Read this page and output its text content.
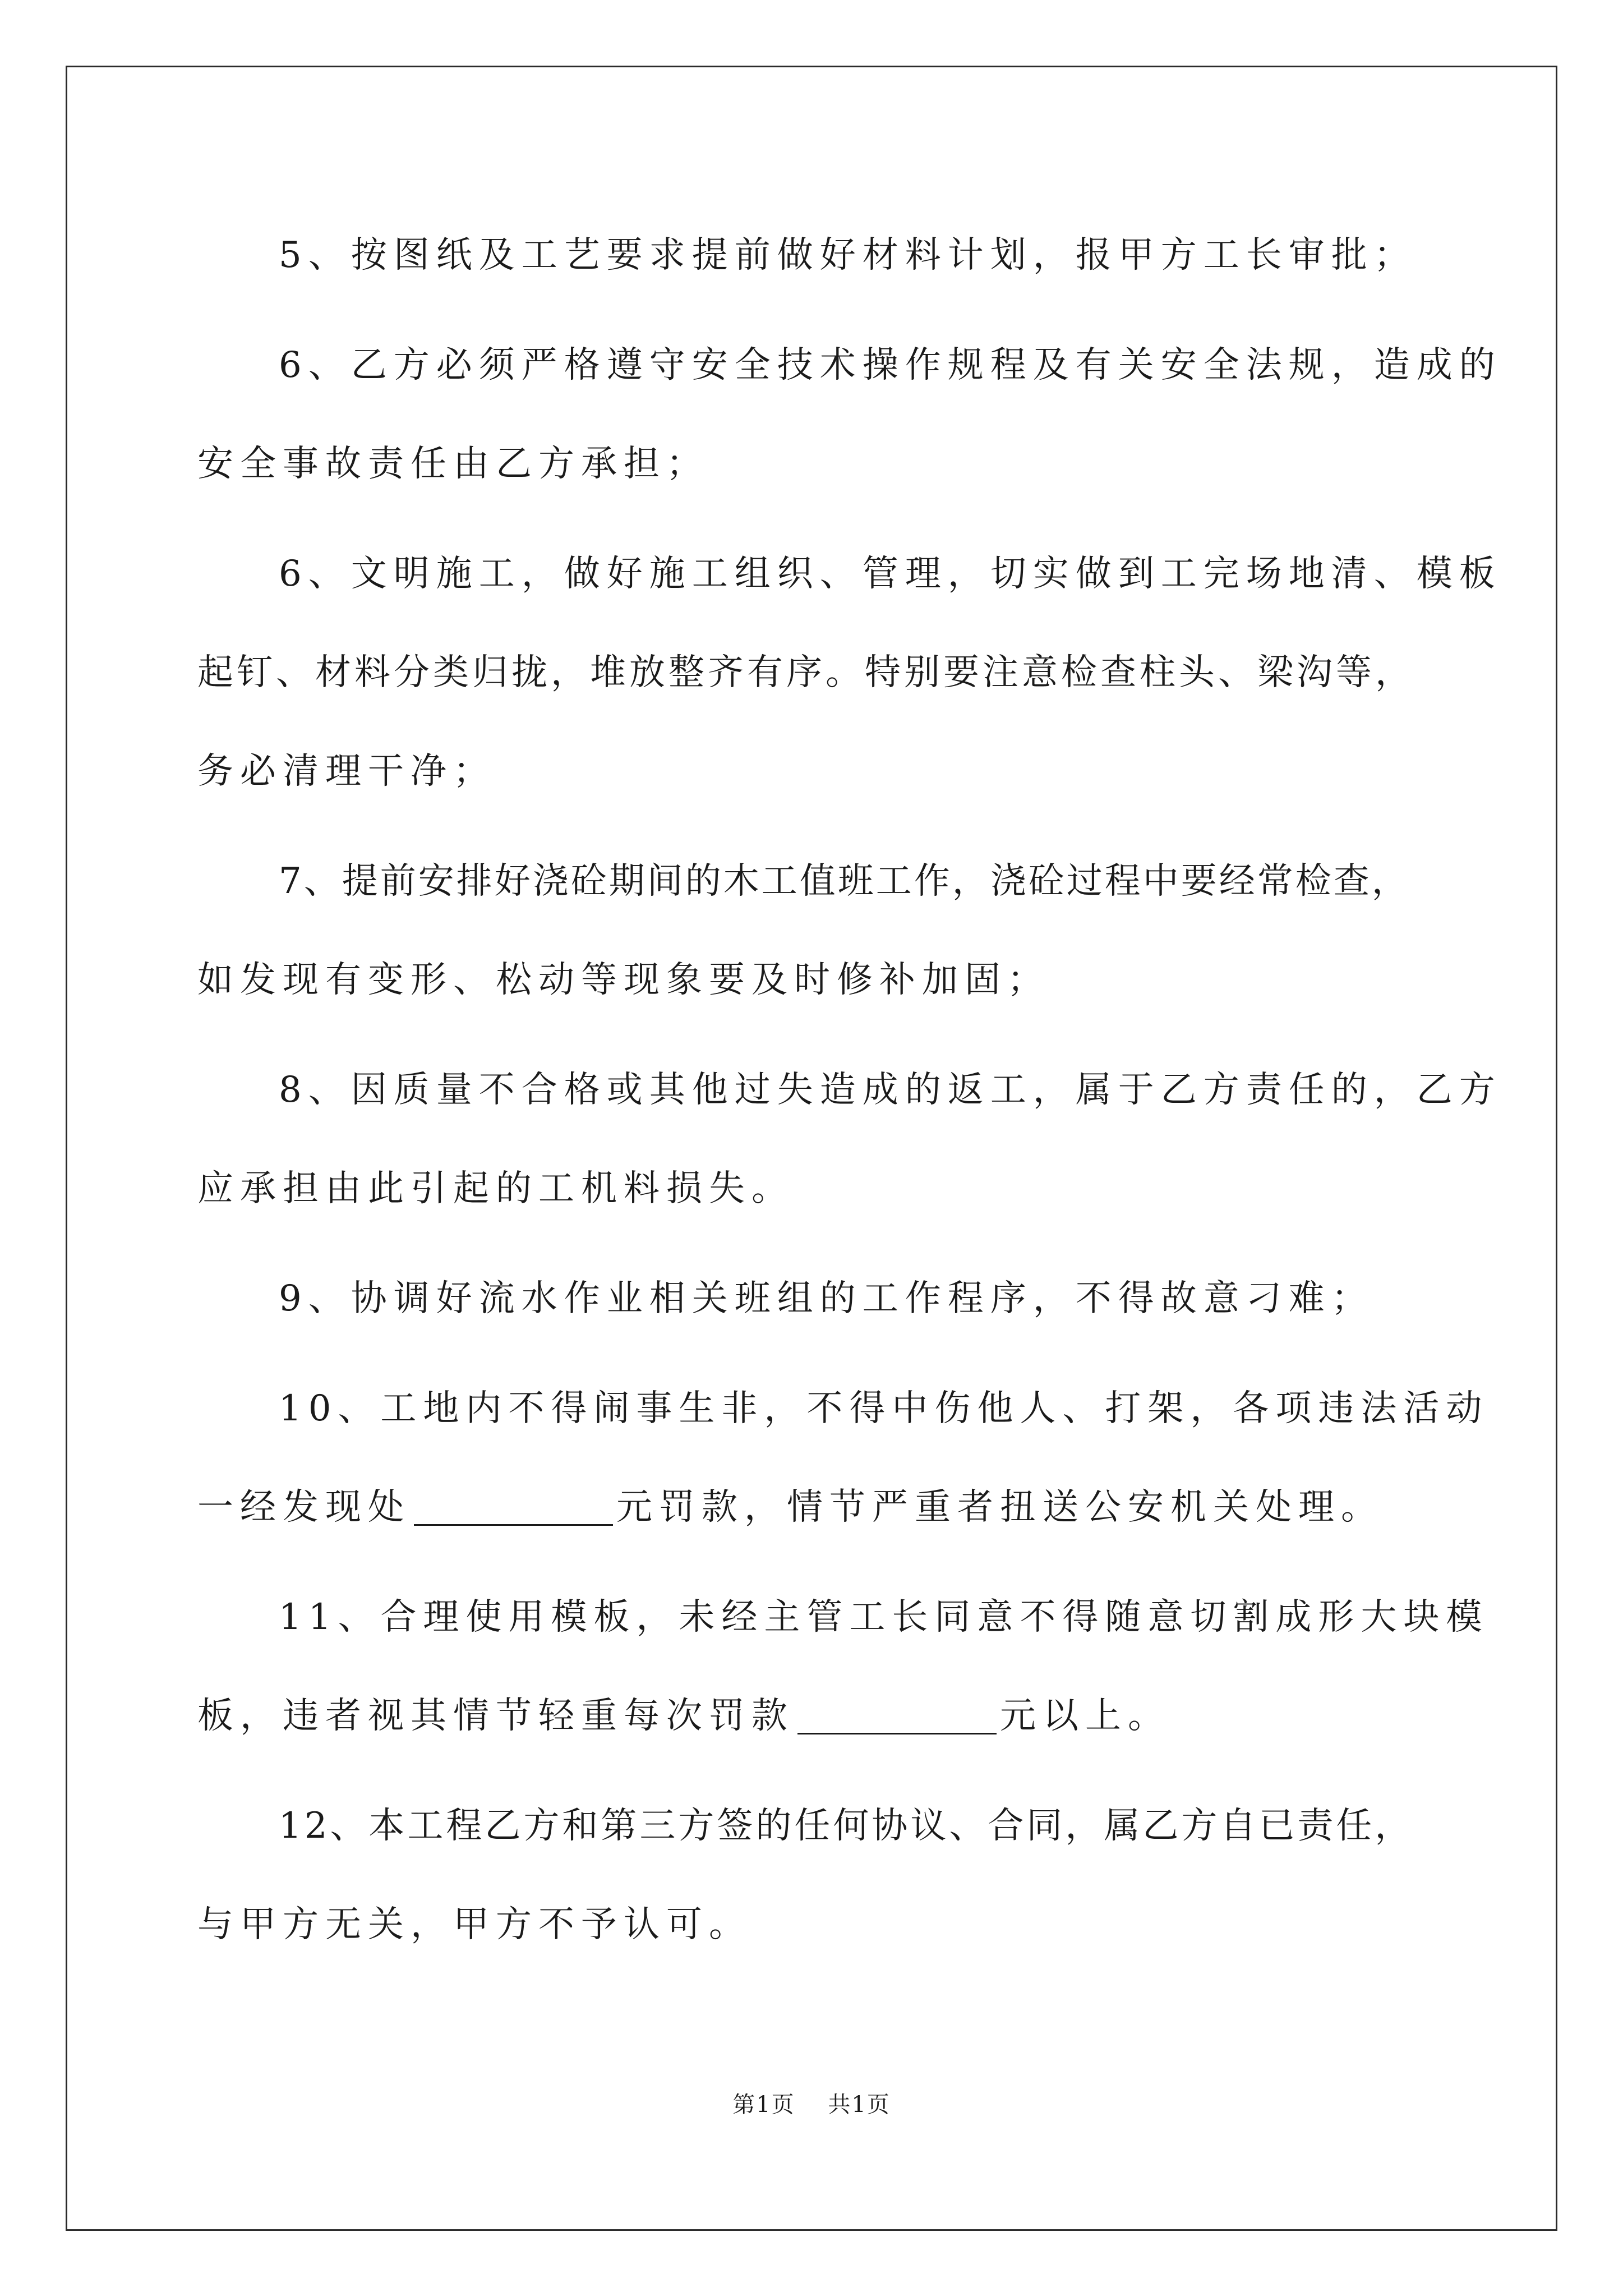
5、按图纸及工艺要求提前做好材料计划，报甲方工长审批；
6、乙方必须严格遵守安全技术操作规程及有关安全法规，造成的
安全事故责任由乙方承担；
6、文明施工，做好施工组织、管理，切实做到工完场地清、模板
起钉、材料分类归拢，堆放整齐有序。特别要注意检查柱头、梁沟等，
务必清理干净；
7、提前安排好浇砼期间的木工值班工作，浇砼过程中要经常检查，
如发现有变形、松动等现象要及时修补加固；
8、因质量不合格或其他过失造成的返工，属于乙方责任的，乙方
应承担由此引起的工机料损失。
9、协调好流水作业相关班组的工作程序，不得故意刁难；
10、工地内不得闹事生非，不得中伤他人、打架，各项违法活动
一经发现处	元罚款，情节严重者扭送公安机关处理。
11、合理使用模板，未经主管工长同意不得随意切割成形大块模
板，违者视其情节轻重每次罚款	元以上。
12、本工程乙方和第三方签的任何协议、合同，属乙方自已责任，
与甲方无关，甲方不予认可。
第1页 共1页
